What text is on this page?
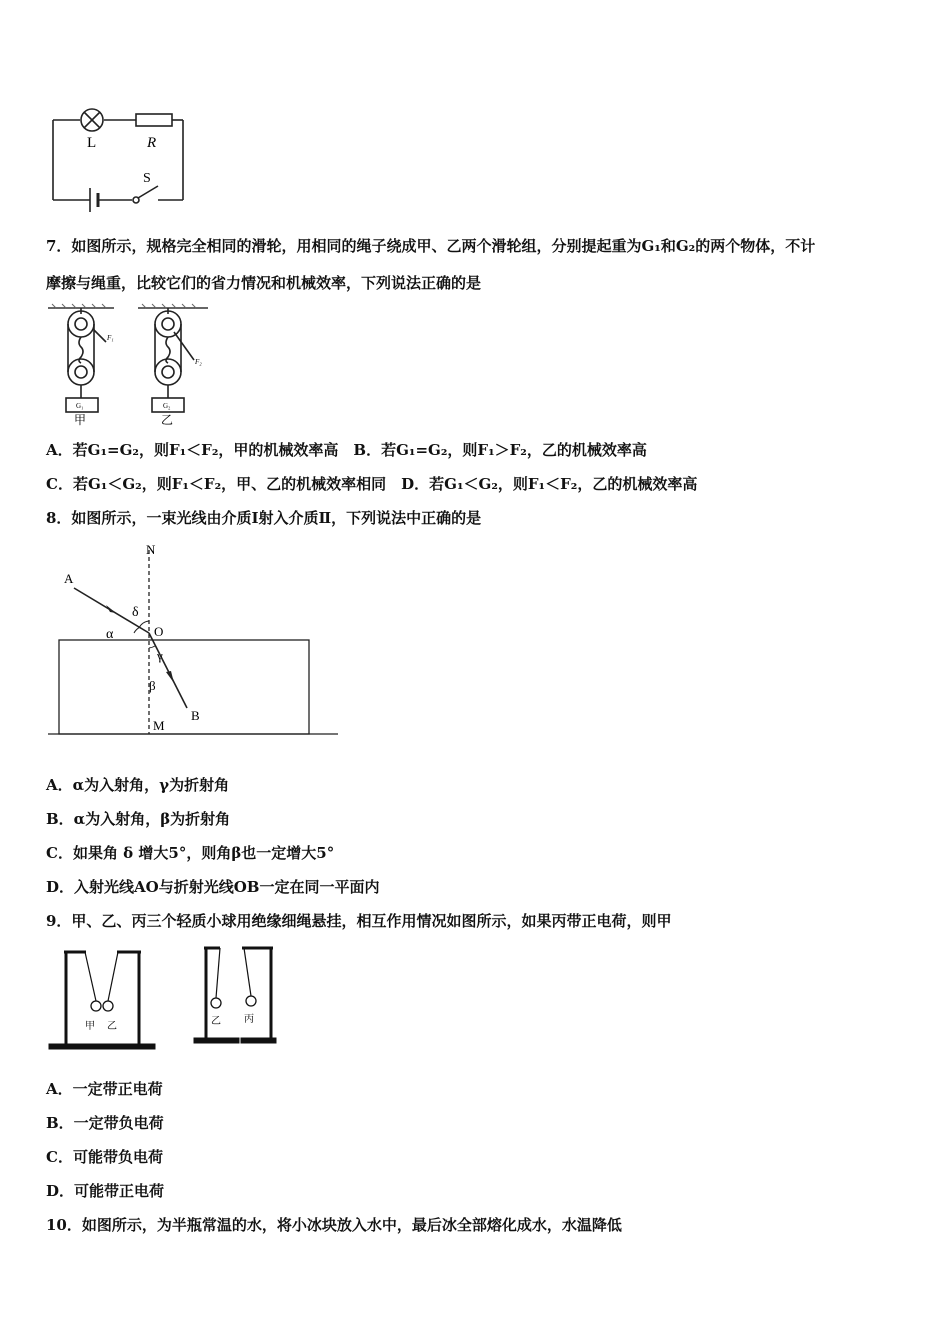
L	R
S
7．如图所示，规格完全相同的滑轮，用相同的绳子绕成甲、乙两个滑轮组，分别提起重为G₁和G₂的两个物体，不计
摩擦与绳重，比较它们的省力情况和机械效率，下列说法正确的是
F₁
G₁
甲
F₂
G₂
乙
A．若G₁=G₂，则F₁＜F₂，甲的机械效率高　B．若G₁=G₂，则F₁＞F₂，乙的机械效率高
C．若G₁＜G₂，则F₁＜F₂，甲、乙的机械效率相同　D．若G₁＜G₂，则F₁＜F₂，乙的机械效率高
8．如图所示，一束光线由介质Ⅰ射入介质Ⅱ，下列说法中正确的是
N
A
δ
α	O
γ
β
B
M
A．α为入射角，γ为折射角
B．α为入射角，β为折射角
C．如果角 δ 增大5°，则角β也一定增大5°
D．入射光线AO与折射光线OB一定在同一平面内
9．甲、乙、丙三个轻质小球用绝缘细绳悬挂，相互作用情况如图所示，如果丙带正电荷，则甲
甲 乙	乙 丙
A．一定带正电荷
B．一定带负电荷
C．可能带负电荷
D．可能带正电荷
10．如图所示，为半瓶常温的水，将小冰块放入水中，最后冰全部熔化成水，水温降低
